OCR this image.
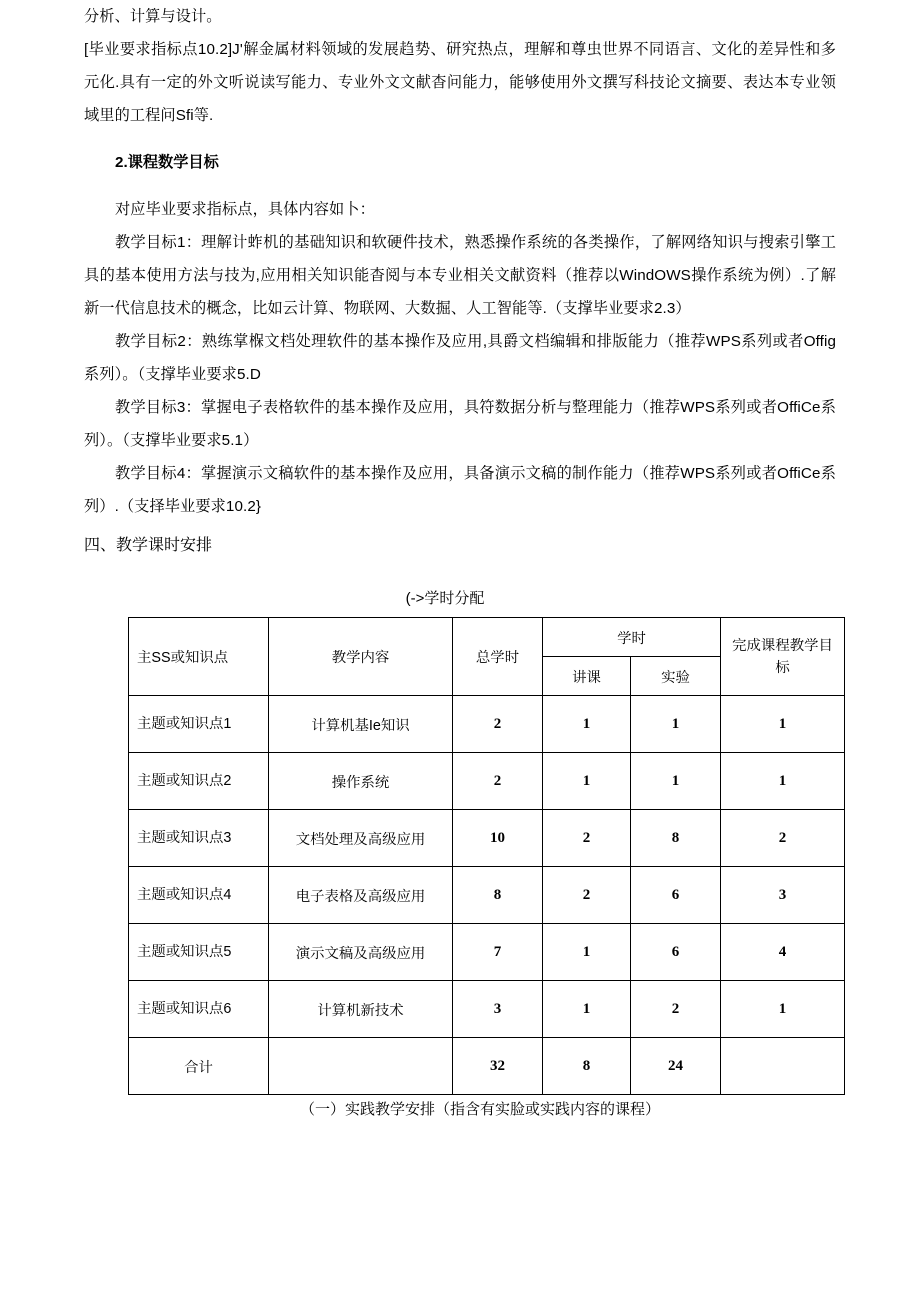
分析、计算与设计。

[毕业要求指标点10.2]J'解金属材料领域的发展趋势、研究热点，理解和尊虫世界不同语言、文化的差异性和多元化.具有一定的外文听说读写能力、专业外文文献杳问能力，能够使用外文撰写科技论文摘要、表达本专业领域里的工程问Sfi等.

2.课程数学目标

对应毕业要求指标点，具体内容如卜：

教学目标1：理解计蚱机的基础知识和软硬件技术，熟悉操作系统的各类操作，了解网络知识与搜索引擎工具的基本使用方法与技为,应用相关知识能杳阅与本专业相关文献资料（推荐以WindOWS操作系统为例）.了解新一代信息技术的概念，比如云计算、物联网、大数掘、人工智能等.（支撑毕业要求2.3）

教学目标2：熟练掌椺文档处理软件的基本操作及应用,具爵文档编辑和排版能力（推荐WPS系列或者Offig系列）。（支撑毕业要求5.D

教学目标3：掌握电子表格软件的基本操作及应用，具符数据分析与整理能力（推荐WPS系列或者OffiCe系列）。（支撑毕业要求5.1）

教学目标4：掌握演示文稿软件的基本操作及应用，具备演示文稿的制作能力（推荐WPS系列或者OffiCe系列）.（支择毕业要求10.2}

四、教学课时安排

(->学时分配

主SS或知识点	教学内容	总学时	学时		完成课程教学目标
			讲课	实验	
主题或知识点1	计算机基Ie知识	2	1	1	1
主题或知识点2	操作系统	2	1	1	1
主题或知识点3	文档处理及高级应用	10	2	8	2
主题或知识点4	电子表格及高级应用	8	2	6	3
主题或知识点5	演示文稿及高级应用	7	1	6	4
主题或知识点6	计算机新技术	3	1	2	1
合计		32	8	24	

（一）实践教学安排（指含有实脸或实践内容的课程）
